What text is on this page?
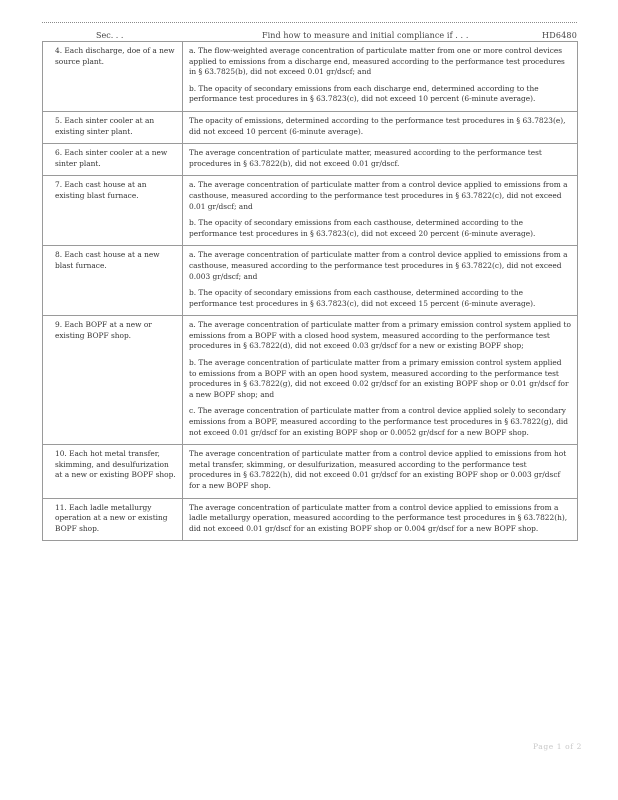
Sec. . .	Find how to measure and initial compliance if . . .	HD6480
4. Each discharge, doe of a new source plant.	a. The flow-weighted average concentration of particulate matter from one or more control devices applied to emissions from a discharge end, measured according to the performance test procedures in § 63.7825(b), did not exceed 0.01 gr/dscf; and

b. The opacity of secondary emissions from each discharge end, determined according to the performance test procedures in § 63.7823(c), did not exceed 10 percent (6-minute average).

5. Each sinter cooler at an existing sinter plant.	The opacity of emissions, determined according to the performance test procedures in § 63.7823(e), did not exceed 10 percent (6-minute average).

6. Each sinter cooler at a new sinter plant.	The average concentration of particulate matter, measured according to the performance test procedures in § 63.7822(b), did not exceed 0.01 gr/dscf.

7. Each cast house at an existing blast furnace.	a. The average concentration of particulate matter from a control device applied to emissions from a casthouse, measured according to the performance test procedures in § 63.7822(c), did not exceed 0.01 gr/dscf; and

b. The opacity of secondary emissions from each casthouse, determined according to the performance test procedures in § 63.7823(c), did not exceed 20 percent (6-minute average).

8. Each cast house at a new blast furnace.	a. The average concentration of particulate matter from a control device applied to emissions from a casthouse, measured according to the performance test procedures in § 63.7822(c), did not exceed 0.003 gr/dscf; and

b. The opacity of secondary emissions from each casthouse, determined according to the performance test procedures in § 63.7823(c), did not exceed 15 percent (6-minute average).

9. Each BOPF at a new or existing BOPF shop.	a. The average concentration of particulate matter from a primary emission control system applied to emissions from a BOPF with a closed hood system, measured according to the performance test procedures in § 63.7822(d), did not exceed 0.03 gr/dscf for a new or existing BOPF shop;

b. The average concentration of particulate matter from a primary emission control system applied to emissions from a BOPF with an open hood system, measured according to the performance test procedures in § 63.7822(g), did not exceed 0.02 gr/dscf for an existing BOPF shop or 0.01 gr/dscf for a new BOPF shop; and

c. The average concentration of particulate matter from a control device applied solely to secondary emissions from a BOPF, measured according to the performance test procedures in § 63.7822(g), did not exceed 0.01 gr/dscf for an existing BOPF shop or 0.0052 gr/dscf for a new BOPF shop.

10. Each hot metal transfer, skimming, and desulfurization at a new or existing BOPF shop.	The average concentration of particulate matter from a control device applied to emissions from hot metal transfer, skimming, or desulfurization, measured according to the performance test procedures in § 63.7822(h), did not exceed 0.01 gr/dscf for an existing BOPF shop or 0.003 gr/dscf for a new BOPF shop.

11. Each ladle metallurgy operation at a new or existing BOPF shop.	The average concentration of particulate matter from a control device applied to emissions from a ladle metallurgy operation, measured according to the performance test procedures in § 63.7822(h), did not exceed 0.01 gr/dscf for an existing BOPF shop or 0.004 gr/dscf for a new BOPF shop.

Page 1 of 2
